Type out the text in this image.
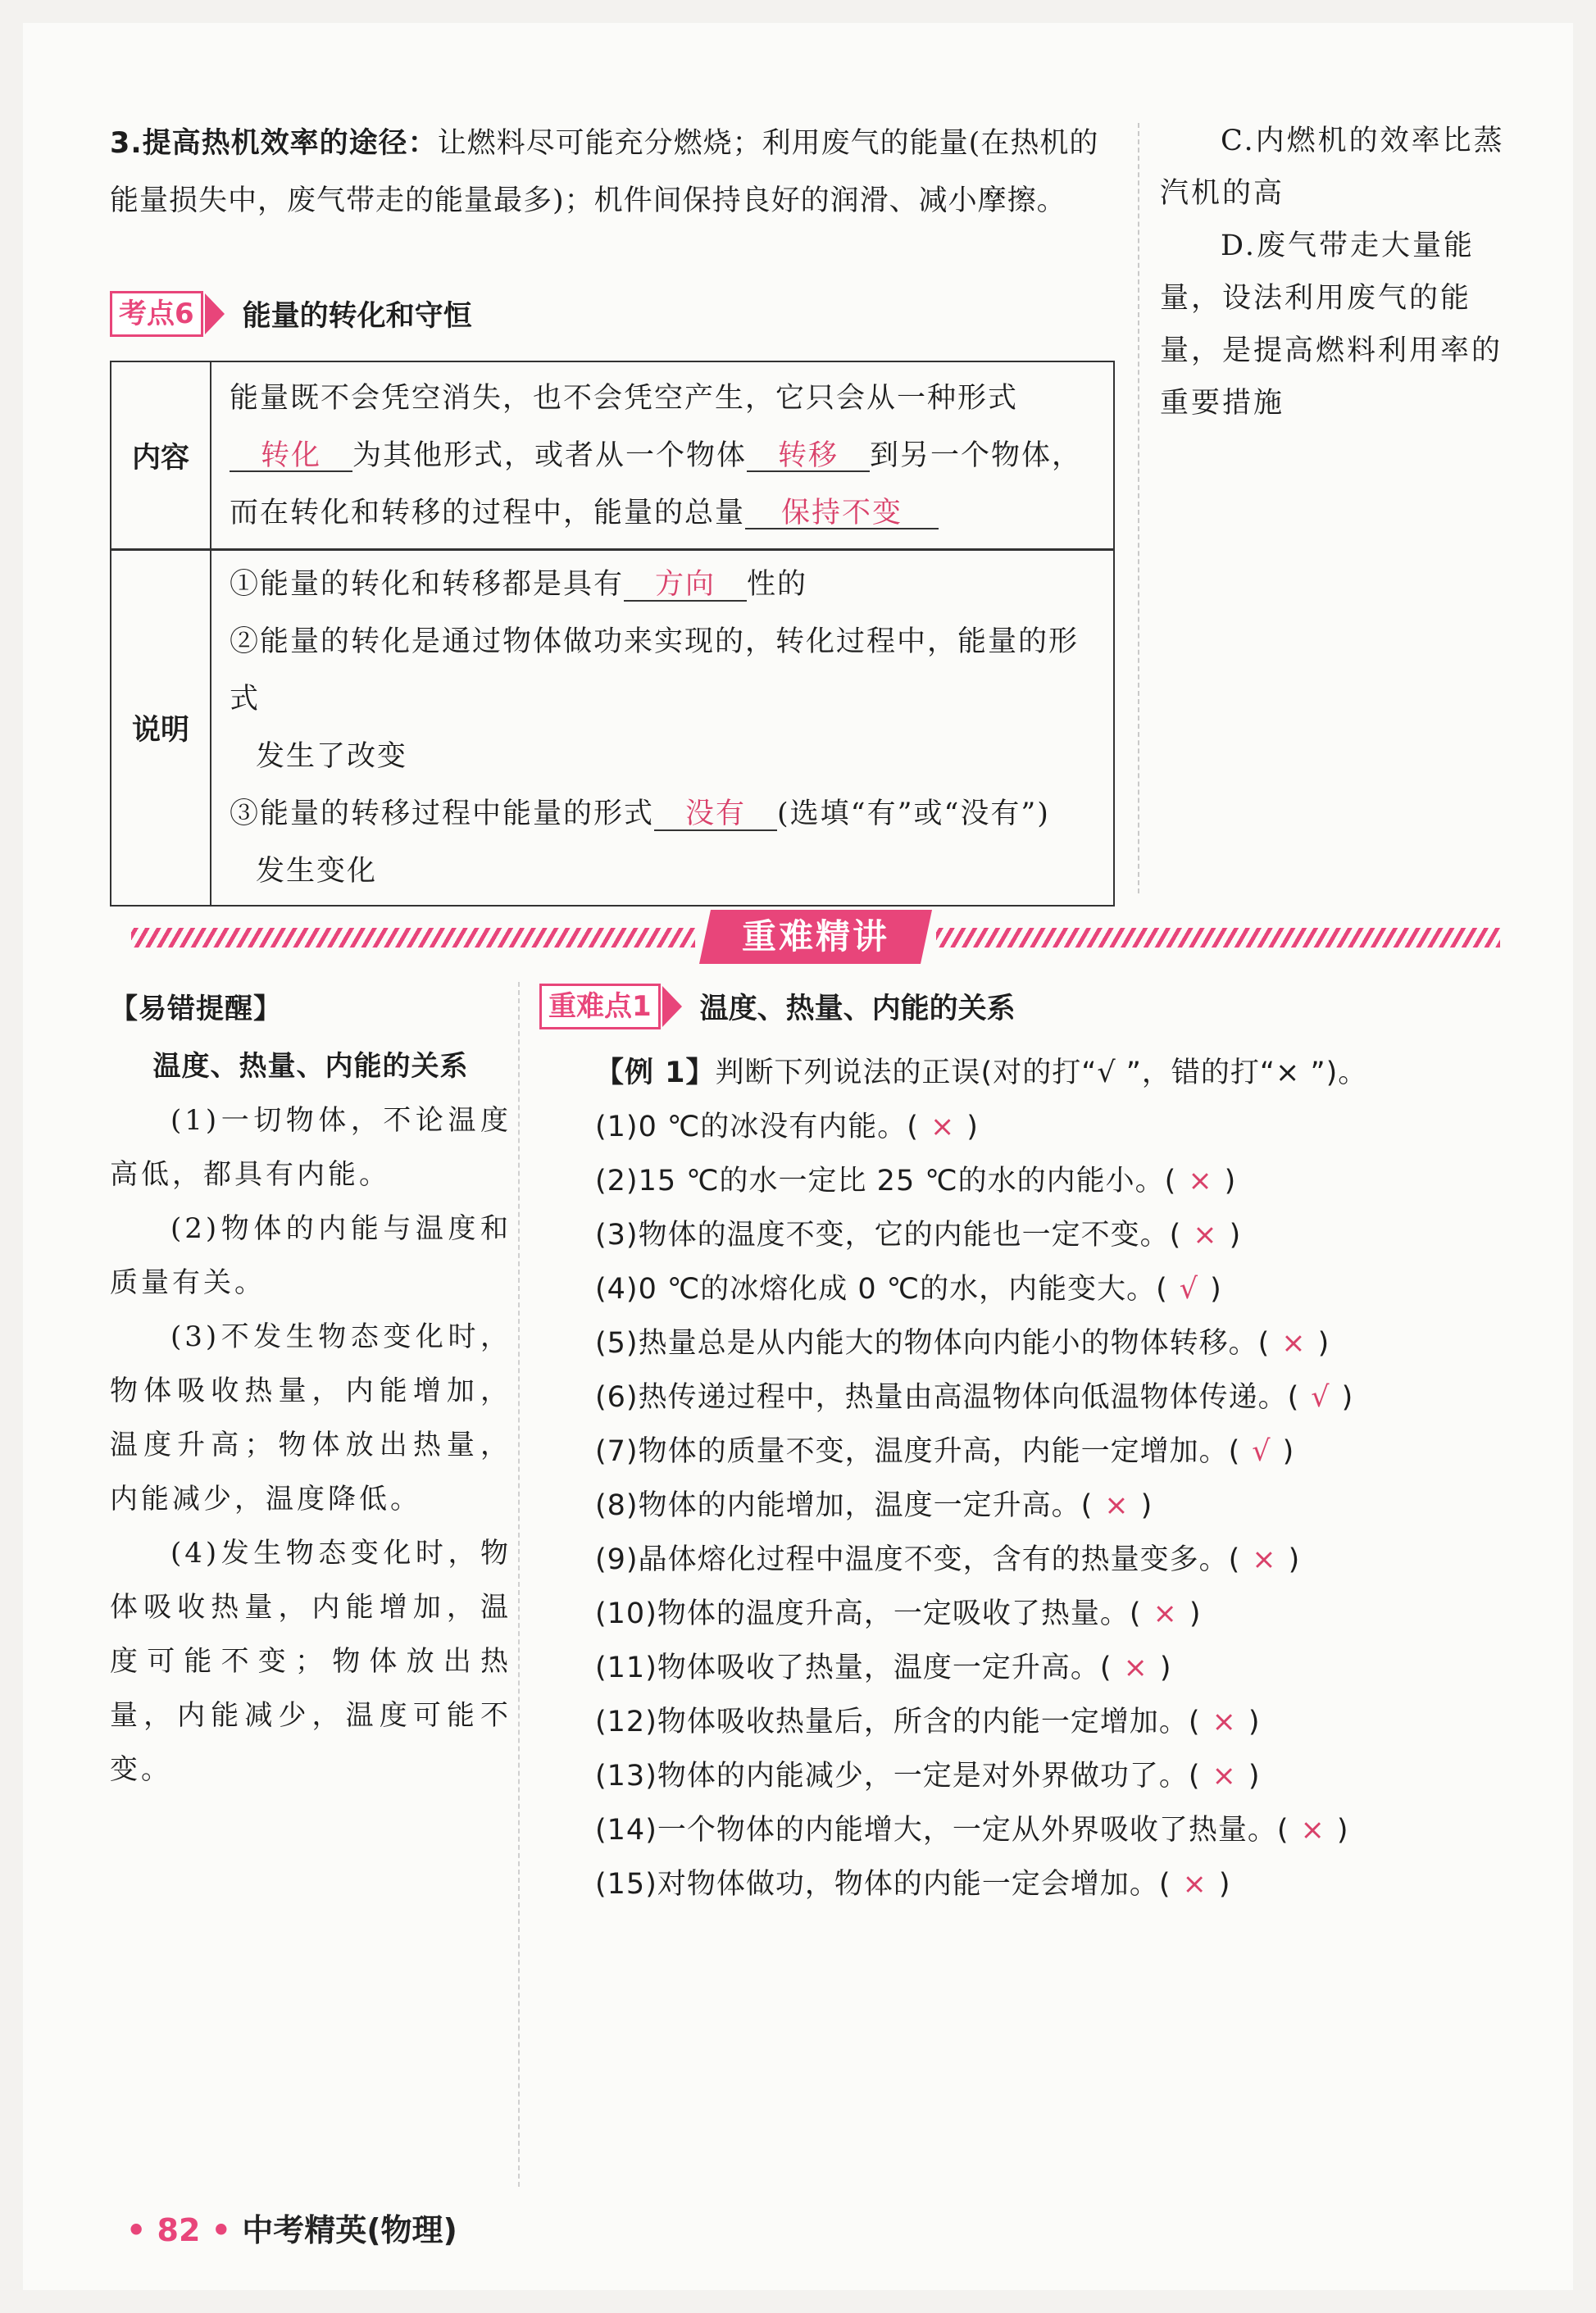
3.提高热机效率的途径：让燃料尽可能充分燃烧；利用废气的能量(在热机的能量损失中，废气带走的能量最多)；机件间保持良好的润滑、减小摩擦。
考点6	能量的转化和守恒
内容	能量既不会凭空消失，也不会凭空产生，它只会从一种形式
转化 为其他形式，或者从一个物体 转移 到另一个物体，
而在转化和转移的过程中，能量的总量 保持不变

说明	①能量的转化和转移都是具有 方向 性的
②能量的转化是通过物体做功来实现的，转化过程中，能量的形式
发生了改变
③能量的转移过程中能量的形式 没有 (选填“有”或“没有”)
发生变化

C.内燃机的效率比蒸汽机的高

D.废气带走大量能量，设法利用废气的能量，是提高燃料利用率的重要措施

重难精讲
【易错提醒】
温度、热量、内能的关系

(1)一切物体，不论温度高低，都具有内能。

(2)物体的内能与温度和质量有关。

(3)不发生物态变化时，物体吸收热量，内能增加，温度升高；物体放出热量，内能减少，温度降低。

(4)发生物态变化时，物体吸收热量，内能增加，温度可能不变；物体放出热量，内能减少，温度可能不变。

重难点1	温度、热量、内能的关系
【例 1】判断下列说法的正误(对的打“√ ”，错的打“× ”)。
(1)0 ℃的冰没有内能。( × )
(2)15 ℃的水一定比 25 ℃的水的内能小。( × )
(3)物体的温度不变，它的内能也一定不变。( × )
(4)0 ℃的冰熔化成 0 ℃的水，内能变大。( √ )
(5)热量总是从内能大的物体向内能小的物体转移。( × )
(6)热传递过程中，热量由高温物体向低温物体传递。( √ )
(7)物体的质量不变，温度升高，内能一定增加。( √ )
(8)物体的内能增加，温度一定升高。( × )
(9)晶体熔化过程中温度不变，含有的热量变多。( × )
(10)物体的温度升高，一定吸收了热量。( × )
(11)物体吸收了热量，温度一定升高。( × )
(12)物体吸收热量后，所含的内能一定增加。( × )
(13)物体的内能减少，一定是对外界做功了。( × )
(14)一个物体的内能增大，一定从外界吸收了热量。( × )
(15)对物体做功，物体的内能一定会增加。( × )
• 82 • 中考精英(物理)
